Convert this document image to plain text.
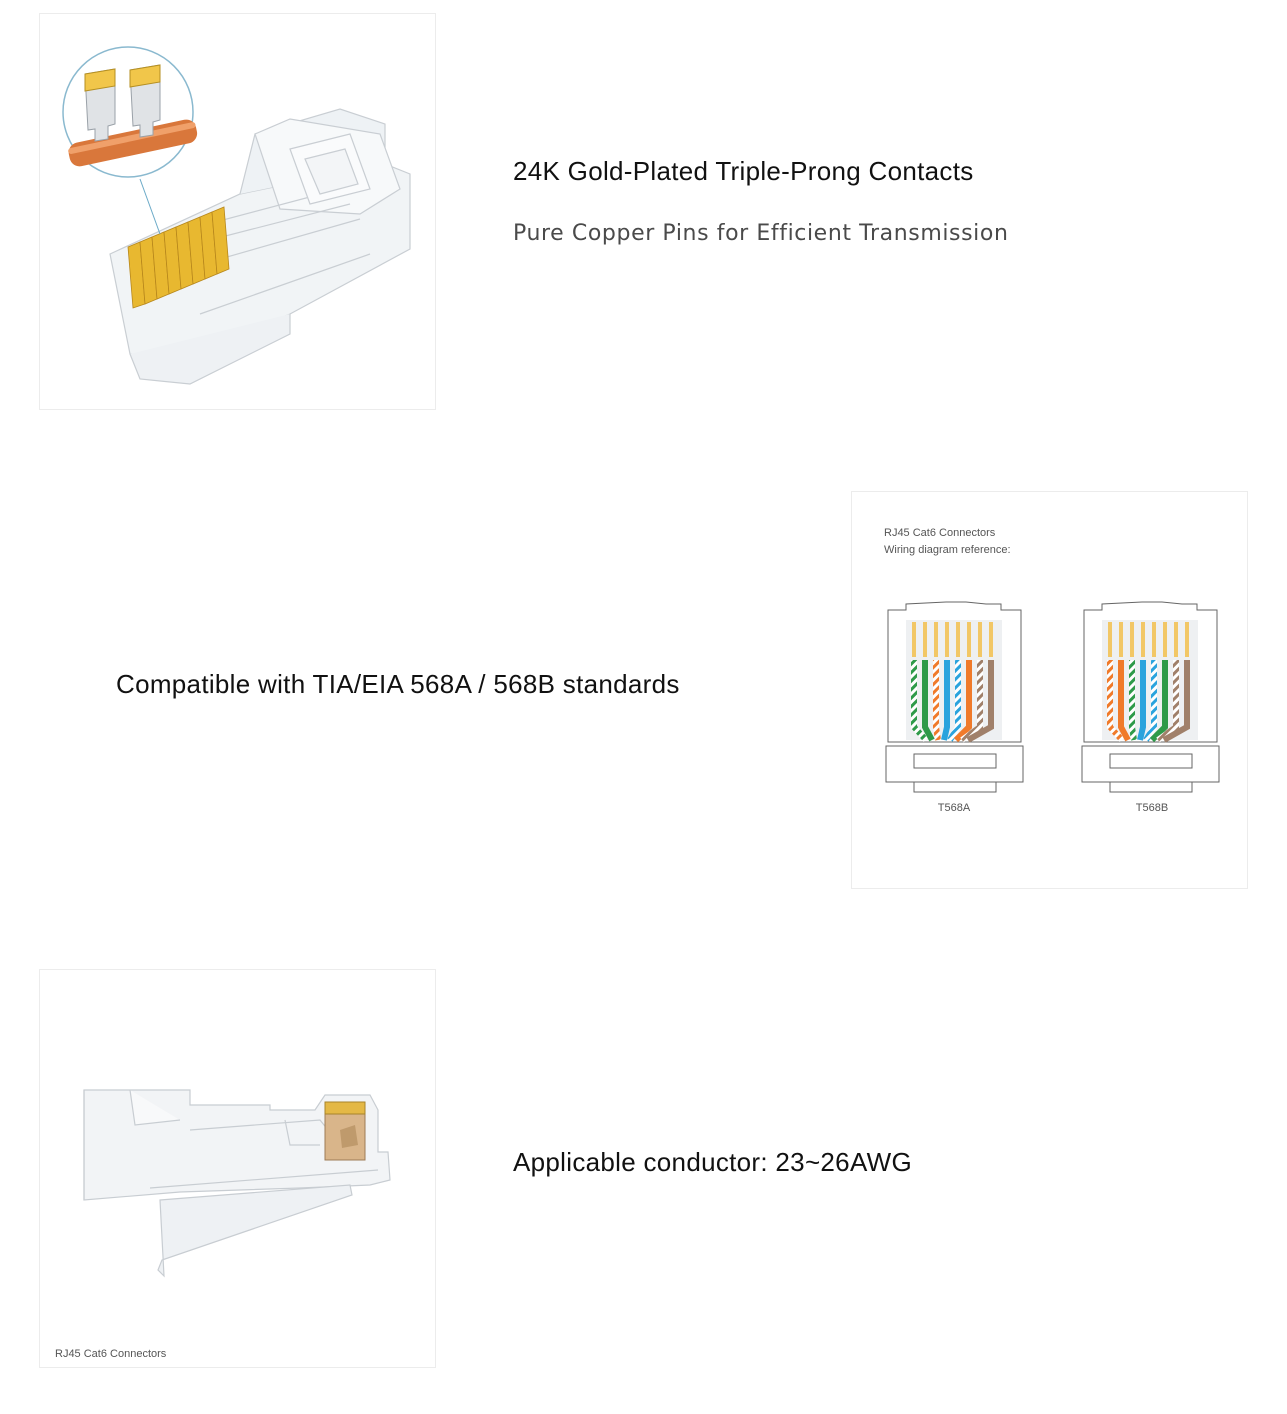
24K Gold-Plated Triple-Prong Contacts
Pure Copper Pins for Efficient Transmission
Compatible with TIA/EIA 568A / 568B standards
RJ45 Cat6 Connectors
Wiring diagram reference:
T568A	T568B
RJ45 Cat6 Connectors
Applicable conductor: 23~26AWG
